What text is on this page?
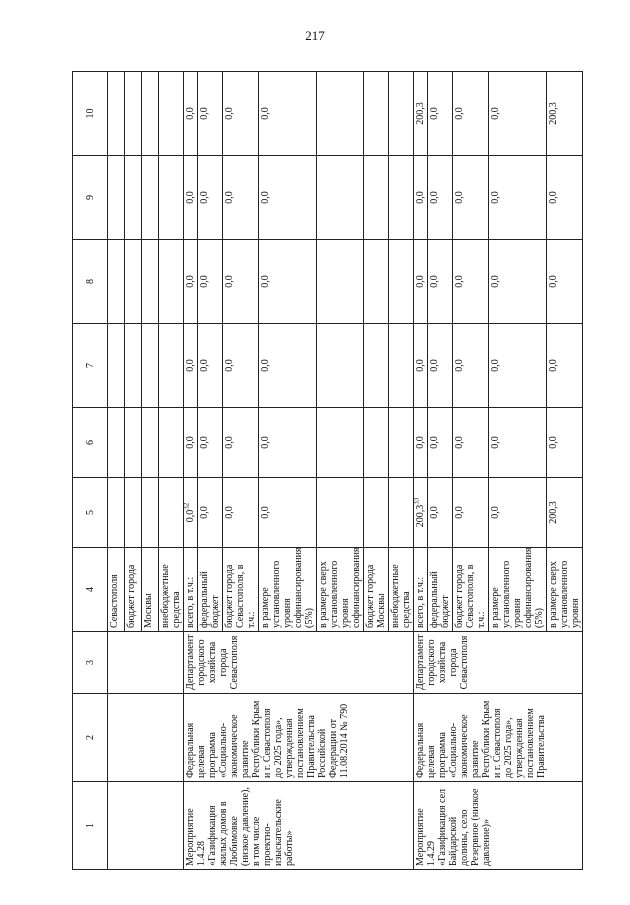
217
1	2	3	4	5	6	7	8	9	10
			Севастополя						
			бюджет города						
			Москвы						
			внебюджетные средства						
Мероприятие 1.4.28 «Газификация жилых домов в Любимовке (низкое давление), в том числе проектно-изыскательские работы»	Федеральная целевая программа «Социально-экономическое развитие Республики Крым и г. Севастополя до 2025 года», утвержденная постановлением Правительства Российской Федерации от 11.08.2014 № 790	Департамент городского хозяйства города Севастополя	всего, в т.ч.:	$0,0^{32}$	0,0	0,0	0,0	0,0	0,0
			федеральный бюджет	0,0	0,0	0,0	0,0	0,0	0,0
			бюджет города Севастополя, в т.ч.:	0,0	0,0	0,0	0,0	0,0	0,0
			в размере установленного уровня софинансирования (5%)	0,0	0,0	0,0	0,0	0,0	0,0
			в размере сверх установленного уровня софинансирования						
			бюджет города Москвы						
			внебюджетные средства						
Мероприятие 1.4.29 «Газификация сел Байдарской долины, село Резервное (низкое давление)»	Федеральная целевая программа «Социально-экономическое развитие Республики Крым и г. Севастополя до 2025 года», утвержденная постановлением Правительства	Департамент городского хозяйства города Севастополя	всего, в т.ч.:	200,3$^{33}$	0,0	0,0	0,0	0,0	200,3
			федеральный бюджет	0,0	0,0	0,0	0,0	0,0	0,0
			бюджет города Севастополя, в т.ч.:	0,0	0,0	0,0	0,0	0,0	0,0
			в размере установленного уровня софинансирования (5%)	0,0	0,0	0,0	0,0	0,0	0,0
			в размере сверх установленного уровня	200,3	0,0	0,0	0,0	0,0	200,3
